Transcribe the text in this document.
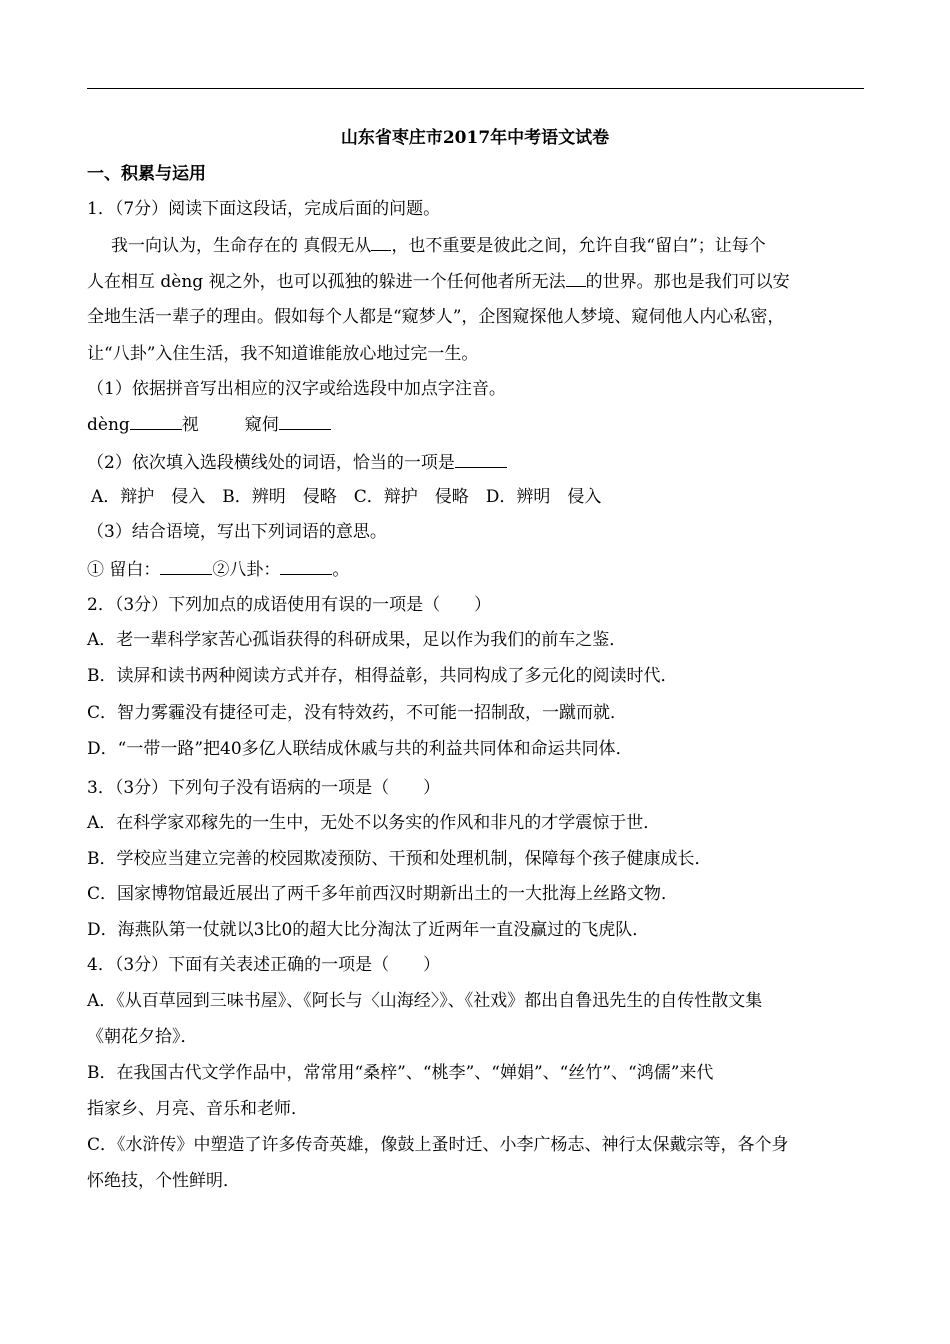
山东省枣庄市2017年中考语文试卷
一、积累与运用
1．（7分）阅读下面这段话，完成后面的问题。
我一向认为，生命存在的 真假无从 ，也不重要是彼此之间，允许自我“留白”；让每个
人在相互 dèng 视之外，也可以孤独的躲进一个任何他者所无法 的世界。那也是我们可以安
全地生活一辈子的理由。假如每个人都是“窥梦人”，企图窥探他人梦境、窥伺他人内心私密，
让“八卦”入住生活，我不知道谁能放心地过完一生。
（1）依据拼音写出相应的汉字或给选段中加点字注音。
dèng	视	窥伺
（2）依次填入选段横线处的词语，恰当的一项是
A．辩护　侵入　B．辨明　侵略　C．辩护　侵略　D．辨明　侵入
（3）结合语境，写出下列词语的意思。
① 留白：	②八卦：	。
2．（3分）下列加点的成语使用有误的一项是（　　）
A．老一辈科学家苦心孤诣获得的科研成果，足以作为我们的前车之鉴．
B．读屏和读书两种阅读方式并存，相得益彰，共同构成了多元化的阅读时代．
C．智力雾霾没有捷径可走，没有特效药，不可能一招制敌，一蹴而就．
D．“一带一路”把40多亿人联结成休戚与共的利益共同体和命运共同体．
3．（3分）下列句子没有语病的一项是（　　）
A．在科学家邓稼先的一生中，无处不以务实的作风和非凡的才学震惊于世．
B．学校应当建立完善的校园欺凌预防、干预和处理机制，保障每个孩子健康成长．
C．国家博物馆最近展出了两千多年前西汉时期新出土的一大批海上丝路文物．
D．海燕队第一仗就以3比0的超大比分淘汰了近两年一直没赢过的飞虎队．
4．（3分）下面有关表述正确的一项是（　　）
A．《从百草园到三味书屋》、《阿长与〈山海经〉》、《社戏》都出自鲁迅先生的自传性散文集
《朝花夕拾》．
B．在我国古代文学作品中，常常用“桑梓”、“桃李”、“婵娟”、“丝竹”、“鸿儒”来代
指家乡、月亮、音乐和老师．
C．《水浒传》中塑造了许多传奇英雄，像鼓上蚤时迁、小李广杨志、神行太保戴宗等，各个身
怀绝技，个性鲜明．
